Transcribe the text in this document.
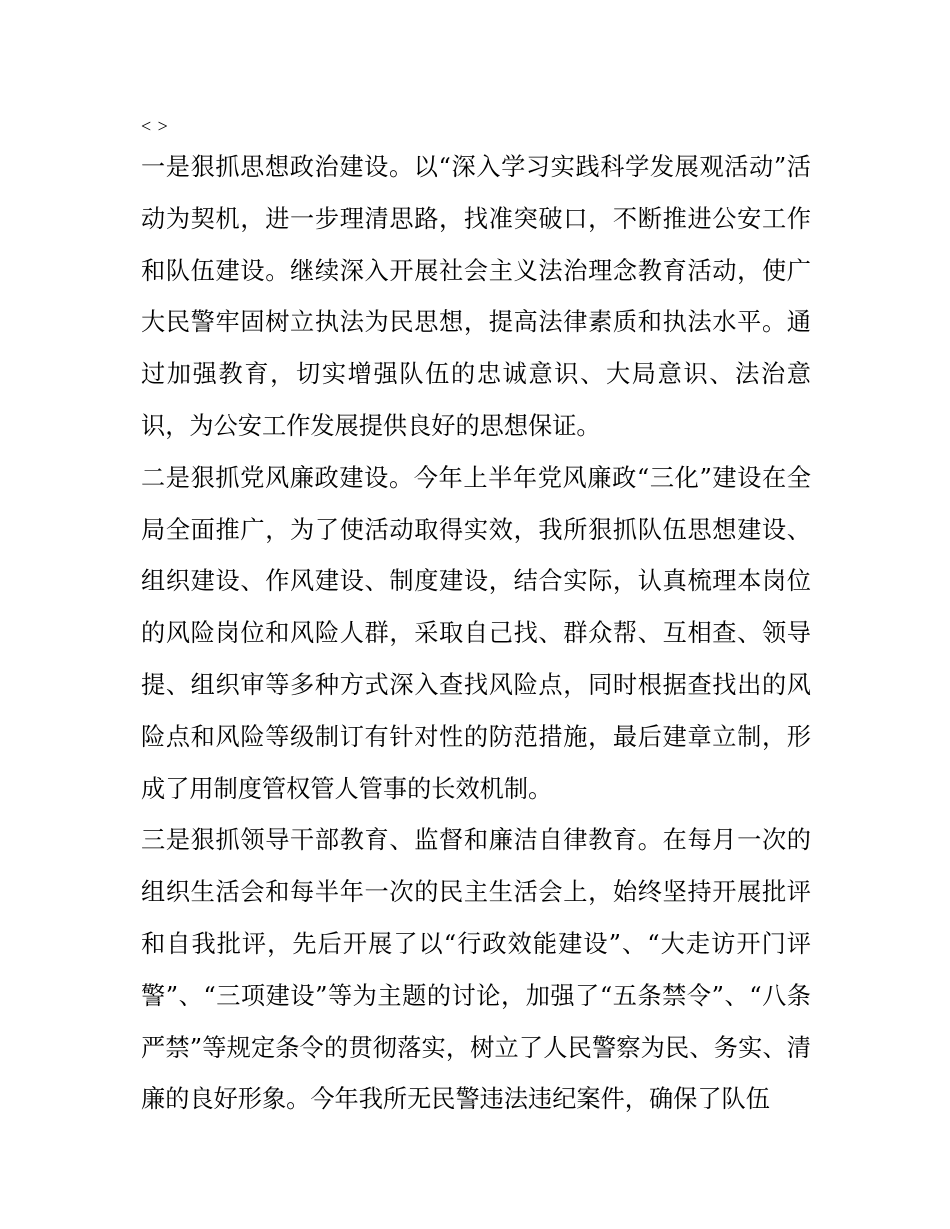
< >

一是狠抓思想政治建设。以“深入学习实践科学发展观活动”活动为契机，进一步理清思路，找准突破口，不断推进公安工作和队伍建设。继续深入开展社会主义法治理念教育活动，使广大民警牢固树立执法为民思想，提高法律素质和执法水平。通过加强教育，切实增强队伍的忠诚意识、大局意识、法治意识，为公安工作发展提供良好的思想保证。

二是狠抓党风廉政建设。今年上半年党风廉政“三化”建设在全局全面推广，为了使活动取得实效，我所狠抓队伍思想建设、组织建设、作风建设、制度建设，结合实际，认真梳理本岗位的风险岗位和风险人群，采取自己找、群众帮、互相查、领导提、组织审等多种方式深入查找风险点，同时根据查找出的风险点和风险等级制订有针对性的防范措施，最后建章立制，形成了用制度管权管人管事的长效机制。

三是狠抓领导干部教育、监督和廉洁自律教育。在每月一次的组织生活会和每半年一次的民主生活会上，始终坚持开展批评和自我批评，先后开展了以“行政效能建设”、“大走访开门评警”、“三项建设”等为主题的讨论，加强了“五条禁令”、“八条严禁”等规定条令的贯彻落实，树立了人民警察为民、务实、清廉的良好形象。今年我所无民警违法违纪案件，确保了队伍
